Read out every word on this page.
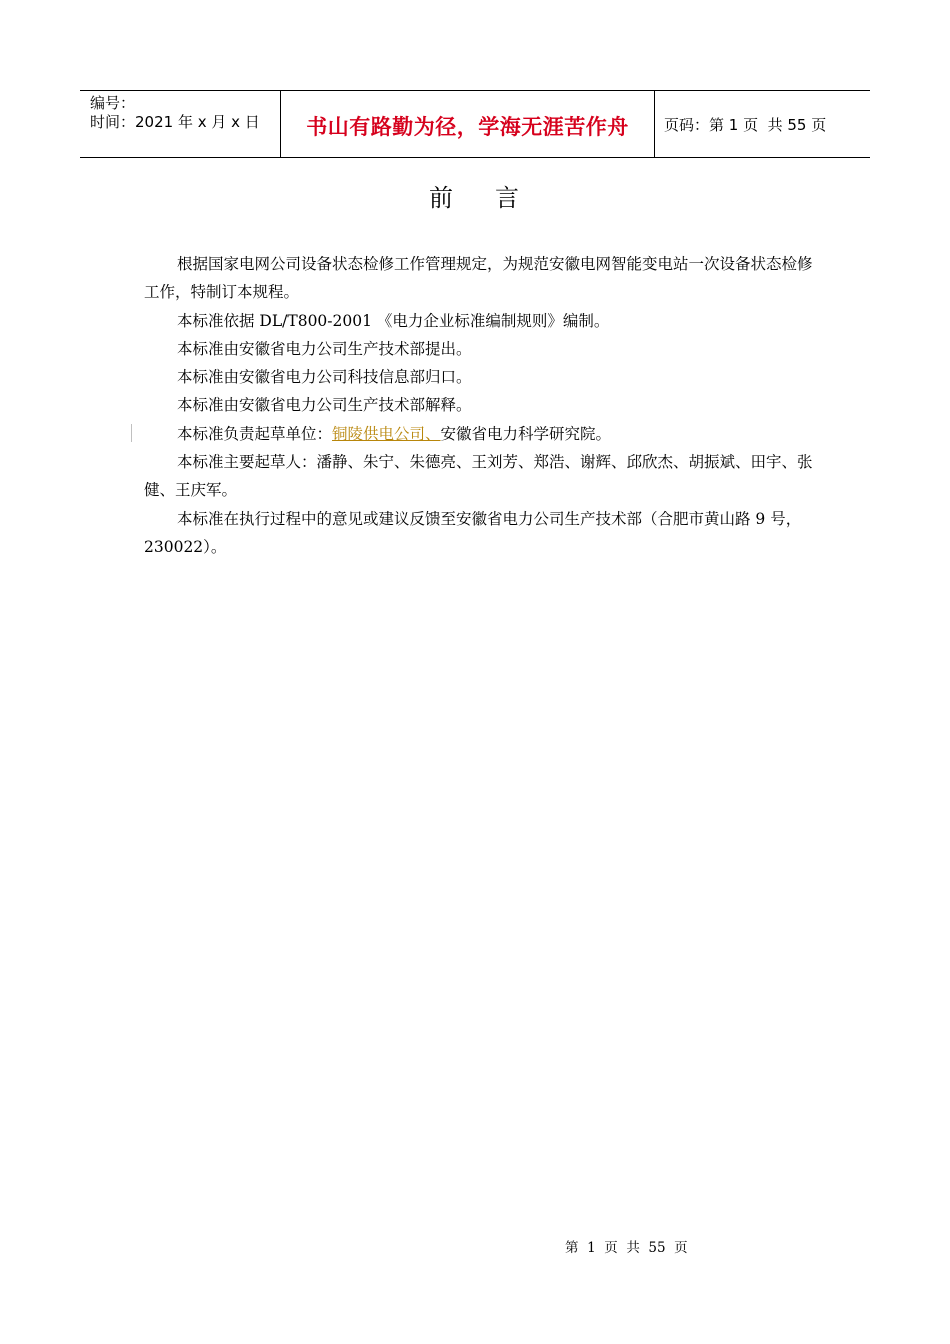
编号：
时间：2021 年 x 月 x 日	书山有路勤为径，学海无涯苦作舟 页码：第 1 页  共 55 页
前 言

根据国家电网公司设备状态检修工作管理规定，为规范安徽电网智能变电站一次设备状态检修工作，特制订本规程。

本标准依据 DL/T800-2001 《电力企业标准编制规则》编制。

本标准由安徽省电力公司生产技术部提出。

本标准由安徽省电力公司科技信息部归口。

本标准由安徽省电力公司生产技术部解释。

本标准负责起草单位：铜陵供电公司、安徽省电力科学研究院。

本标准主要起草人：潘静、朱宁、朱德亮、王刘芳、郑浩、谢辉、邱欣杰、胡振斌、田宇、张健、王庆军。

本标准在执行过程中的意见或建议反馈至安徽省电力公司生产技术部（合肥市黄山路 9 号，230022）。

第  1  页  共  55  页
